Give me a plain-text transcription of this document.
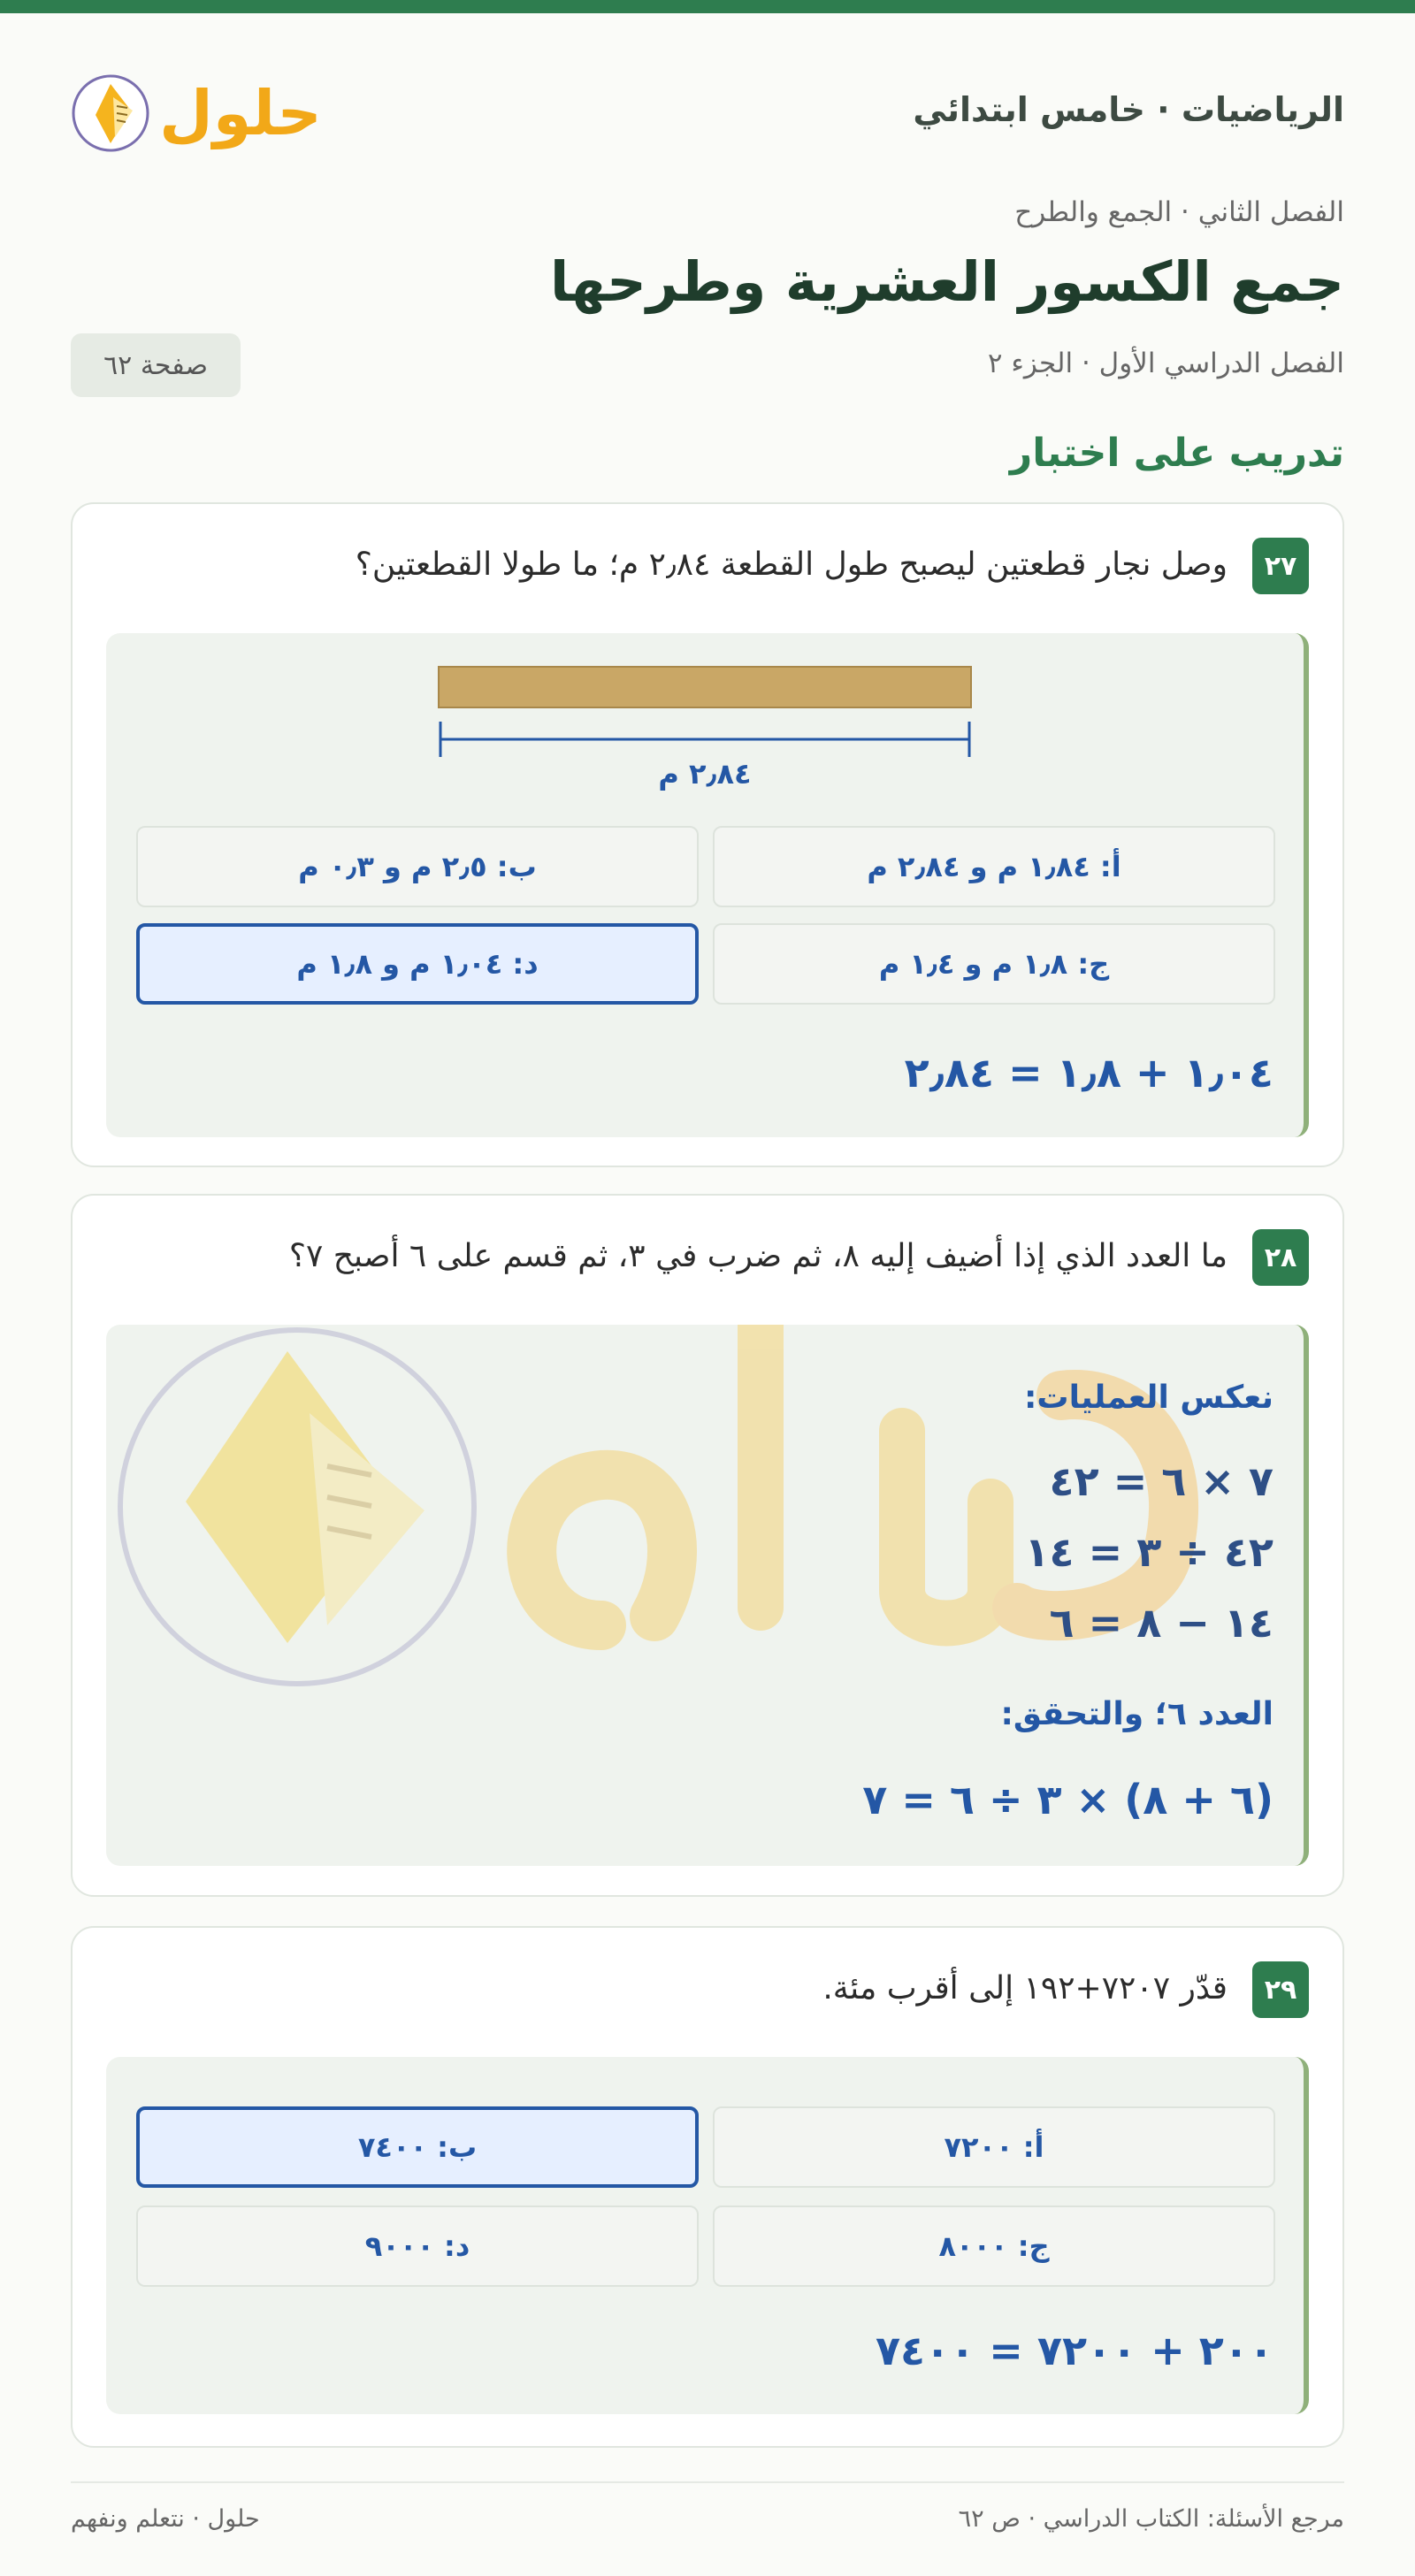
الرياضيات · خامس ابتدائي
حلول
الفصل الثاني · الجمع والطرح
جمع الكسور العشرية وطرحها
الفصل الدراسي الأول · الجزء ٢
صفحة ٦٢
تدريب على اختبار
٢٧
وصل نجار قطعتين ليصبح طول القطعة ٢٫٨٤ م؛ ما طولا القطعتين؟
٢٫٨٤ م
أ: ١٫٨٤ م و ٢٫٨٤ م
ب: ٢٫٥ م و ٠٫٣ م
ج: ١٫٨ م و ١٫٤ م
د: ١٫٠٤ م و ١٫٨ م
١٫٠٤ + ١٫٨ = ٢٫٨٤
٢٨
ما العدد الذي إذا أضيف إليه ٨، ثم ضرب في ٣، ثم قسم على ٦ أصبح ٧؟
نعكس العمليات:
٧ × ٦ = ٤٢
٤٢ ÷ ٣ = ١٤
١٤ − ٨ = ٦
العدد ٦؛ والتحقق:
(٦ + ٨) × ٣ ÷ ٦ = ٧
٢٩
قدّر ٧٢٠٧+١٩٢ إلى أقرب مئة.
أ: ٧٢٠٠
ب: ٧٤٠٠
ج: ٨٠٠٠
د: ٩٠٠٠
٢٠٠ + ٧٢٠٠ = ٧٤٠٠
مرجع الأسئلة: الكتاب الدراسي · ص ٦٢
حلول · نتعلم ونفهم
